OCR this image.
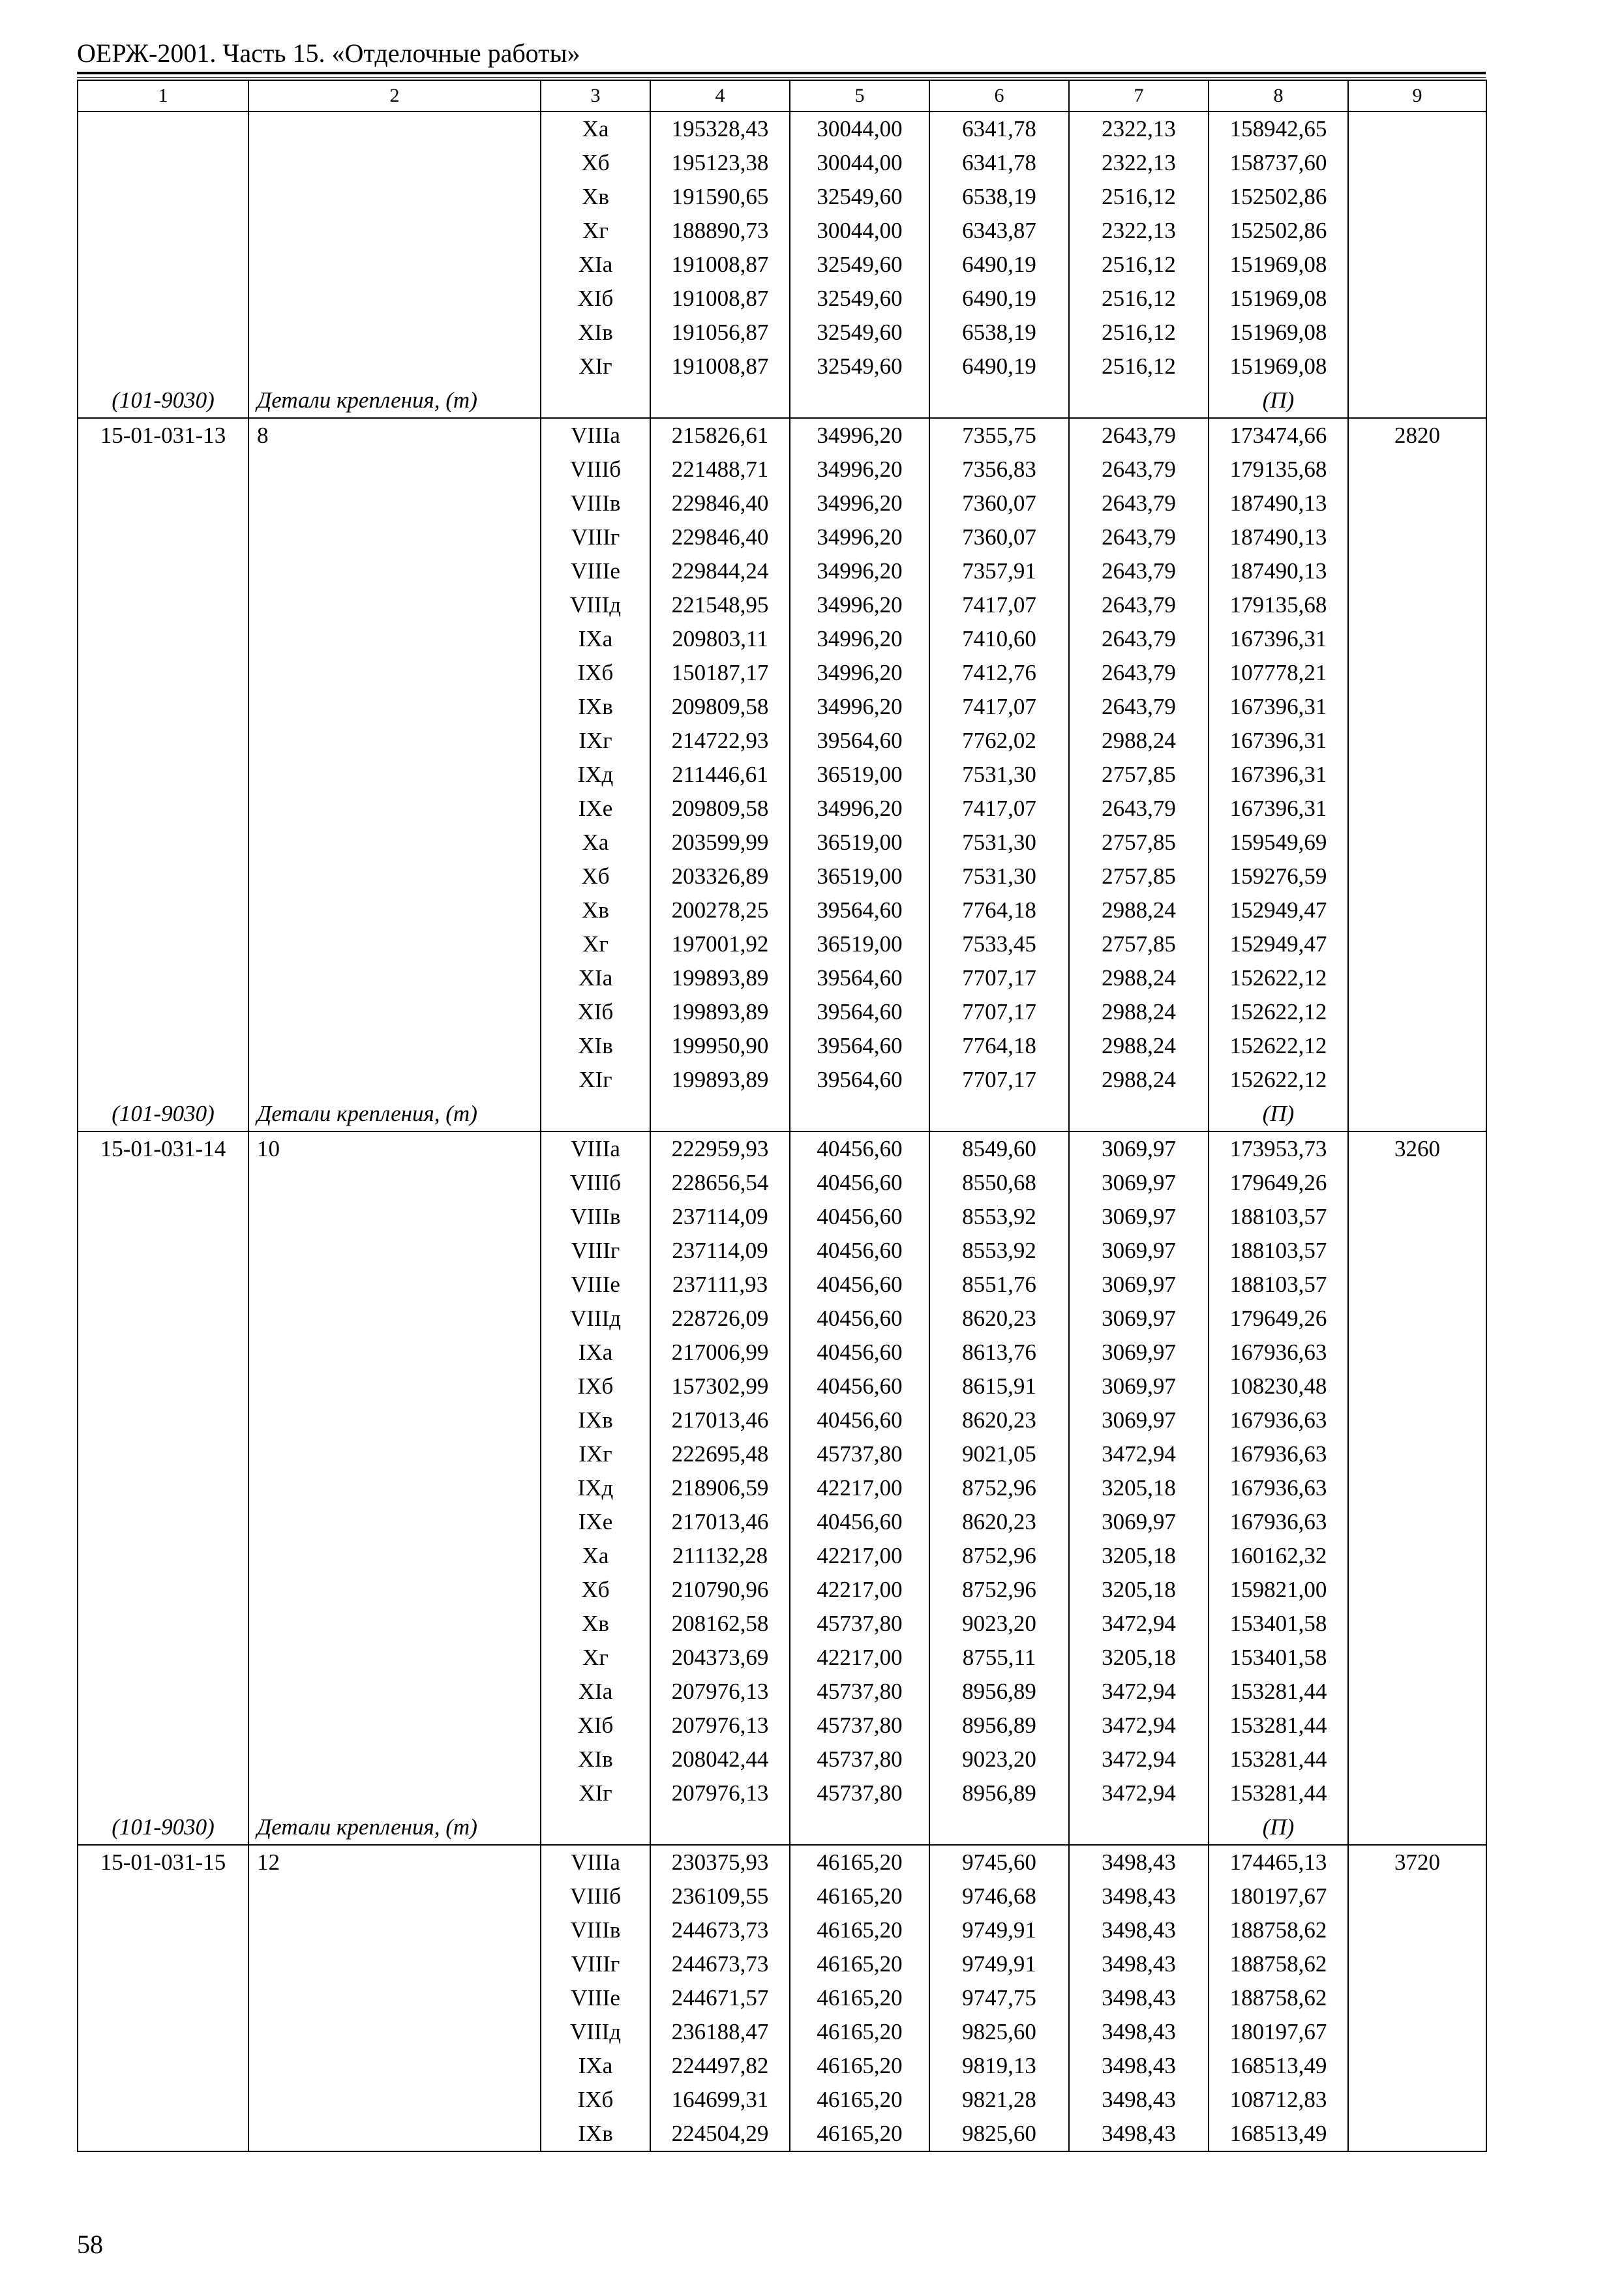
ОЕРЖ-2001. Часть 15. «Отделочные работы»
1	2	3	4	5	6	7	8	9
		Xa	195328,43	30044,00	6341,78	2322,13	158942,65	
		Xб	195123,38	30044,00	6341,78	2322,13	158737,60	
		Xв	191590,65	32549,60	6538,19	2516,12	152502,86	
		Xг	188890,73	30044,00	6343,87	2322,13	152502,86	
		XIa	191008,87	32549,60	6490,19	2516,12	151969,08	
		XIб	191008,87	32549,60	6490,19	2516,12	151969,08	
		XIв	191056,87	32549,60	6538,19	2516,12	151969,08	
		XIг	191008,87	32549,60	6490,19	2516,12	151969,08	
(101-9030)	Детали крепления, (т)						(П)	
15-01-031-13	8	VIIIa	215826,61	34996,20	7355,75	2643,79	173474,66	2820
		VIIIб	221488,71	34996,20	7356,83	2643,79	179135,68	
		VIIIв	229846,40	34996,20	7360,07	2643,79	187490,13	
		VIIIг	229846,40	34996,20	7360,07	2643,79	187490,13	
		VIIIe	229844,24	34996,20	7357,91	2643,79	187490,13	
		VIIIд	221548,95	34996,20	7417,07	2643,79	179135,68	
		IXa	209803,11	34996,20	7410,60	2643,79	167396,31	
		IXб	150187,17	34996,20	7412,76	2643,79	107778,21	
		IXв	209809,58	34996,20	7417,07	2643,79	167396,31	
		IXг	214722,93	39564,60	7762,02	2988,24	167396,31	
		IXд	211446,61	36519,00	7531,30	2757,85	167396,31	
		IXe	209809,58	34996,20	7417,07	2643,79	167396,31	
		Xa	203599,99	36519,00	7531,30	2757,85	159549,69	
		Xб	203326,89	36519,00	7531,30	2757,85	159276,59	
		Xв	200278,25	39564,60	7764,18	2988,24	152949,47	
		Xг	197001,92	36519,00	7533,45	2757,85	152949,47	
		XIa	199893,89	39564,60	7707,17	2988,24	152622,12	
		XIб	199893,89	39564,60	7707,17	2988,24	152622,12	
		XIв	199950,90	39564,60	7764,18	2988,24	152622,12	
		XIг	199893,89	39564,60	7707,17	2988,24	152622,12	
(101-9030)	Детали крепления, (т)						(П)	
15-01-031-14	10	VIIIa	222959,93	40456,60	8549,60	3069,97	173953,73	3260
		VIIIб	228656,54	40456,60	8550,68	3069,97	179649,26	
		VIIIв	237114,09	40456,60	8553,92	3069,97	188103,57	
		VIIIг	237114,09	40456,60	8553,92	3069,97	188103,57	
		VIIIe	237111,93	40456,60	8551,76	3069,97	188103,57	
		VIIIд	228726,09	40456,60	8620,23	3069,97	179649,26	
		IXa	217006,99	40456,60	8613,76	3069,97	167936,63	
		IXб	157302,99	40456,60	8615,91	3069,97	108230,48	
		IXв	217013,46	40456,60	8620,23	3069,97	167936,63	
		IXг	222695,48	45737,80	9021,05	3472,94	167936,63	
		IXд	218906,59	42217,00	8752,96	3205,18	167936,63	
		IXe	217013,46	40456,60	8620,23	3069,97	167936,63	
		Xa	211132,28	42217,00	8752,96	3205,18	160162,32	
		Xб	210790,96	42217,00	8752,96	3205,18	159821,00	
		Xв	208162,58	45737,80	9023,20	3472,94	153401,58	
		Xг	204373,69	42217,00	8755,11	3205,18	153401,58	
		XIa	207976,13	45737,80	8956,89	3472,94	153281,44	
		XIб	207976,13	45737,80	8956,89	3472,94	153281,44	
		XIв	208042,44	45737,80	9023,20	3472,94	153281,44	
		XIг	207976,13	45737,80	8956,89	3472,94	153281,44	
(101-9030)	Детали крепления, (т)						(П)	
15-01-031-15	12	VIIIa	230375,93	46165,20	9745,60	3498,43	174465,13	3720
		VIIIб	236109,55	46165,20	9746,68	3498,43	180197,67	
		VIIIв	244673,73	46165,20	9749,91	3498,43	188758,62	
		VIIIг	244673,73	46165,20	9749,91	3498,43	188758,62	
		VIIIe	244671,57	46165,20	9747,75	3498,43	188758,62	
		VIIIд	236188,47	46165,20	9825,60	3498,43	180197,67	
		IXa	224497,82	46165,20	9819,13	3498,43	168513,49	
		IXб	164699,31	46165,20	9821,28	3498,43	108712,83	
		IXв	224504,29	46165,20	9825,60	3498,43	168513,49	
58
